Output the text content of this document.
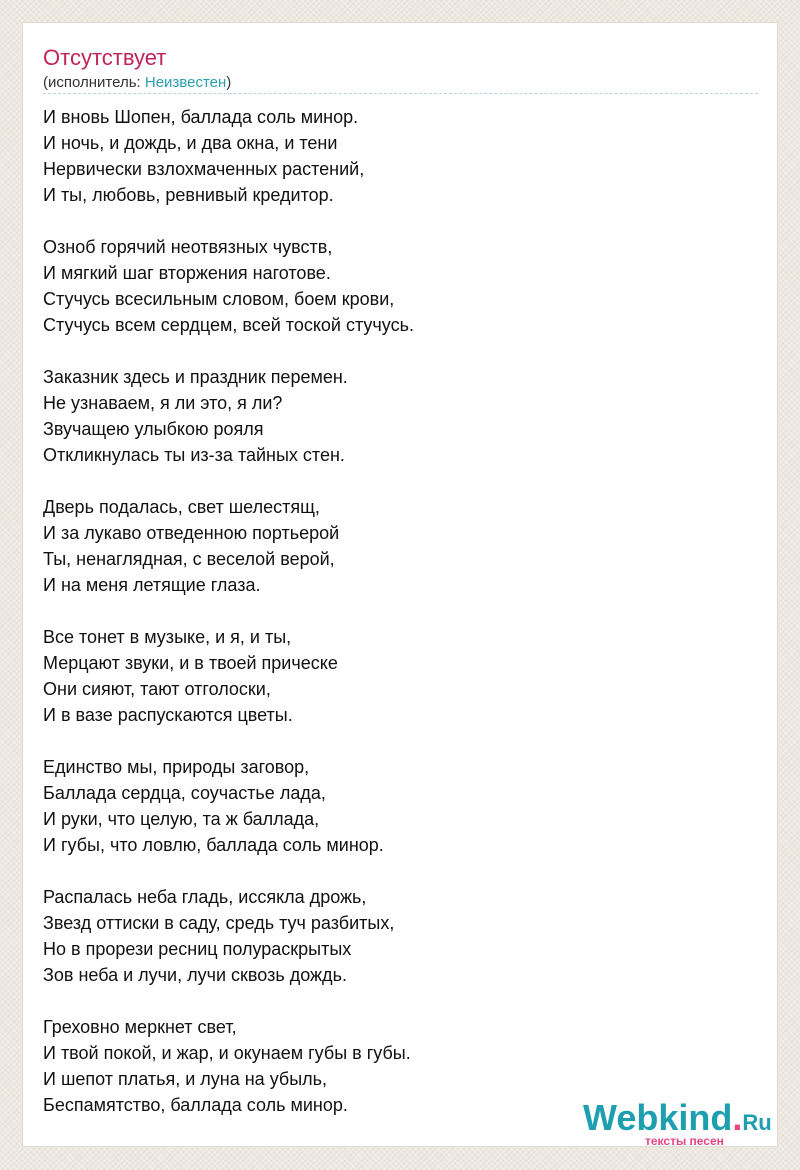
Отсутствует
(исполнитель: Неизвестен)
И вновь Шопен, баллада соль минор.
И ночь, и дождь, и два окна, и тени
Нервически взлохмаченных растений,
И ты, любовь, ревнивый кредитор.
Озноб горячий неотвязных чувств,
И мягкий шаг вторжения наготове.
Стучусь всесильным словом, боем крови,
Стучусь всем сердцем, всей тоской стучусь.
Заказник здесь и праздник перемен.
Не узнаваем, я ли это, я ли?
Звучащею улыбкою рояля
Откликнулась ты из-за тайных стен.
Дверь подалась, свет шелестящ,
И за лукаво отведенною портьерой
Ты, ненаглядная, с веселой верой,
И на меня летящие глаза.
Все тонет в музыке, и я, и ты,
Мерцают звуки, и в твоей прическе
Они сияют, тают отголоски,
И в вазе распускаются цветы.
Единство мы, природы заговор,
Баллада сердца, соучастье лада,
И руки, что целую, та ж баллада,
И губы, что ловлю, баллада соль минор.
Распалась неба гладь, иссякла дрожь,
Звезд оттиски в саду, средь туч разбитых,
Но в прорези ресниц полураскрытых
Зов неба и лучи, лучи сквозь дождь.
Греховно меркнет свет,
И твой покой, и жар, и окунаем губы в губы.
И шепот платья, и луна на убыль,
Беспамятство, баллада соль минор.	Webkind.Ru
тексты песен
